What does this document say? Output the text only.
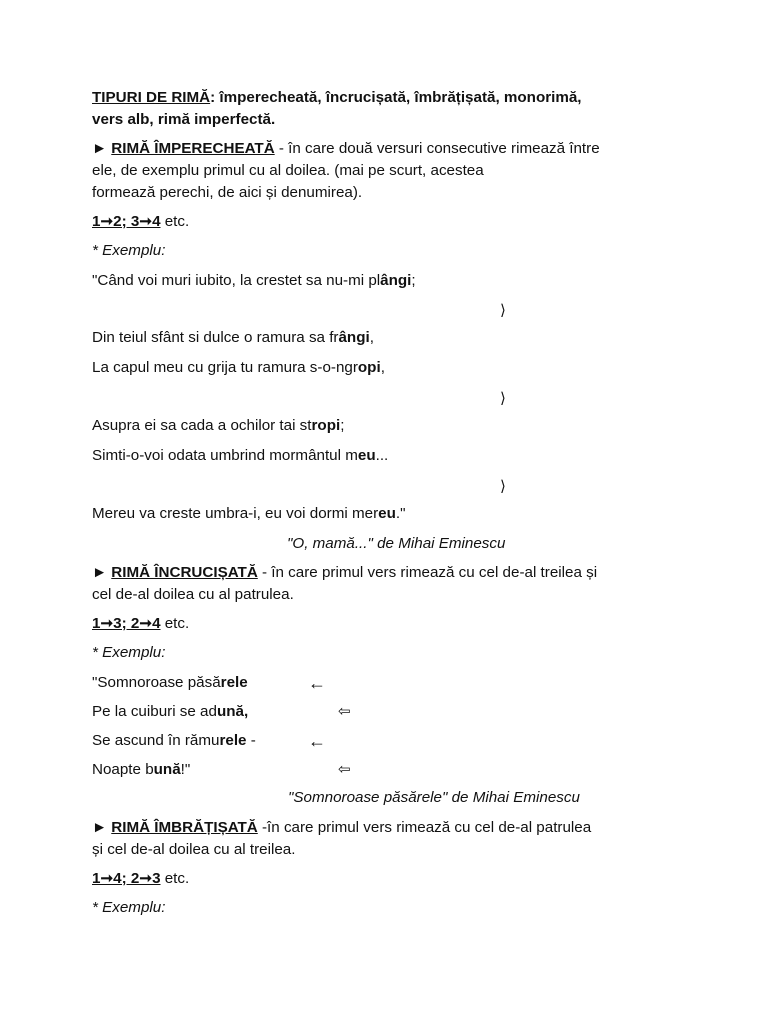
TIPURI DE RIMĂ: împerecheată, încrucișată, îmbrățișată, monorimă,
vers alb, rimă imperfectă.
► RIMĂ ÎMPERECHEATĂ - în care două versuri consecutive rimează între
ele, de exemplu primul cu al doilea. (mai pe scurt, acestea
formează perechi, de aici și denumirea).
1➞2; 3➞4 etc.
* Exemplu:
"Când voi muri iubito, la crestet sa nu-mi plângi;
⟩
Din teiul sfânt si dulce o ramura sa frângi,
La capul meu cu grija tu ramura s-o-ngropi,
⟩
Asupra ei sa cada a ochilor tai stropi;
Simti-o-voi odata umbrind mormântul meu...
⟩
Mereu va creste umbra-i, eu voi dormi mereu."
"O, mamă..." de Mihai Eminescu
► RIMĂ ÎNCRUCIȘATĂ - în care primul vers rimează cu cel de-al treilea și
cel de-al doilea cu al patrulea.
1➞3; 2➞4 etc.
* Exemplu:
"Somnoroase păsărele	←
Pe la cuiburi se adună,	⇦
Se ascund în rămurele -	←
Noapte bună!"	⇦
"Somnoroase păsărele" de Mihai Eminescu
► RIMĂ ÎMBRĂȚIȘATĂ -în care primul vers rimează cu cel de-al patrulea
și cel de-al doilea cu al treilea.
1➞4; 2➞3 etc.
* Exemplu:
